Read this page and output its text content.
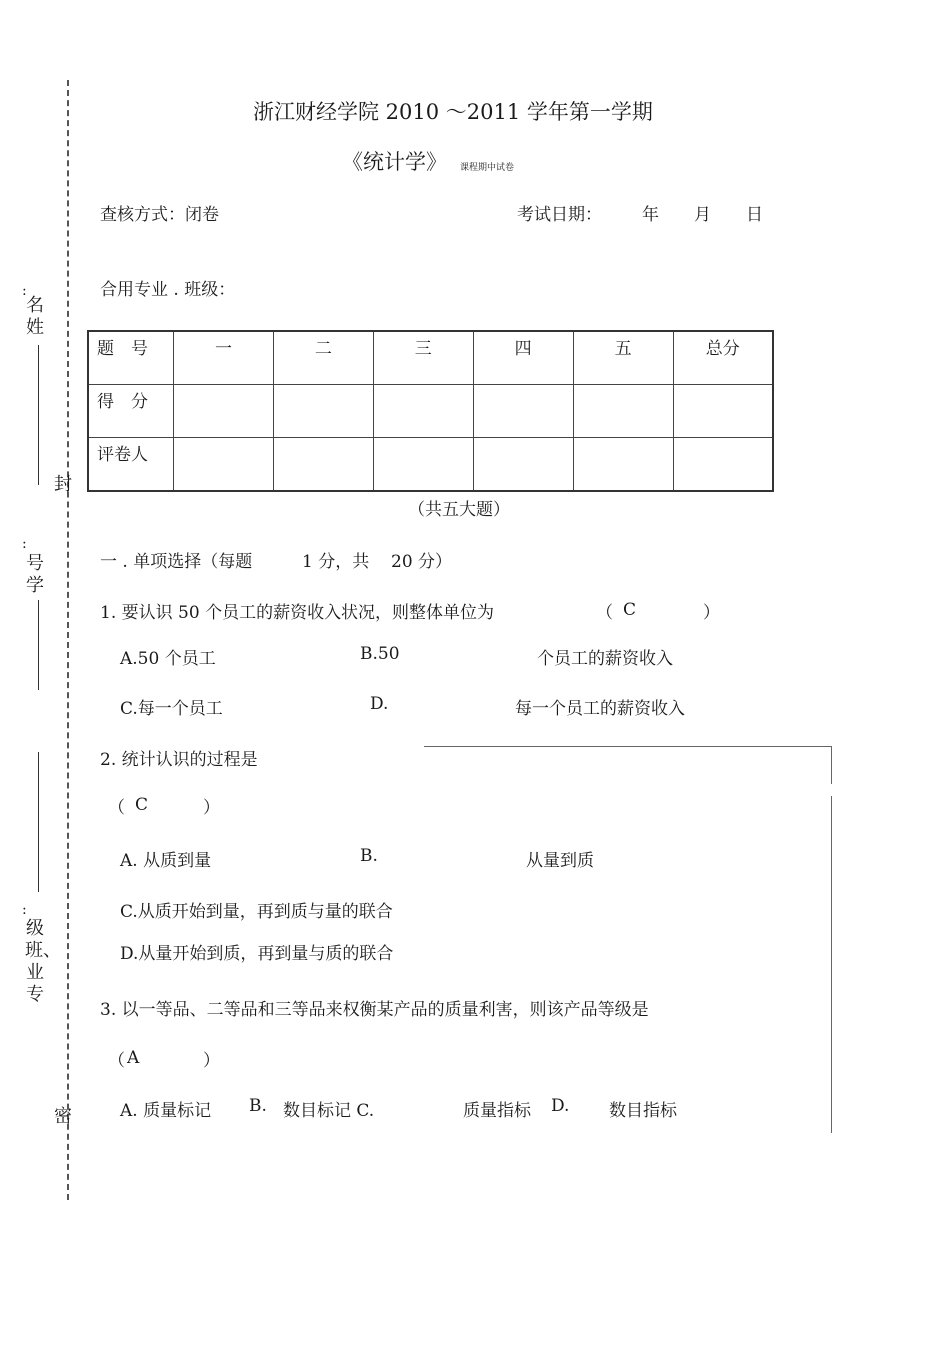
:
名姓
封
:
号学
:
级班、业专
密
浙江财经学院 2010 ～2011 学年第一学期
《统计学》 课程期中试卷
查核方式：闭卷	考试日期： 年 月 日
合用专业 . 班级：
题　号	一	二	三	四	五	总分
得　分						
评卷人						
（共五大题）
一 . 单项选择（每题	1 分，共 20 分）
1. 要认识 50 个员工的薪资收入状况，则整体单位为	（ C	）
A.50 个员工	B.50	个员工的薪资收入
C.每一个员工	D.	每一个员工的薪资收入
2. 统计认识的过程是
（ C	）
A. 从质到量	B.	从量到质
C.从质开始到量，再到质与量的联合
D.从量开始到质，再到量与质的联合
3. 以一等品、二等品和三等品来权衡某产品的质量利害，则该产品等级是
（ A	）
A. 质量标记 B. 数目标记 C.	质量指标 D. 数目指标
